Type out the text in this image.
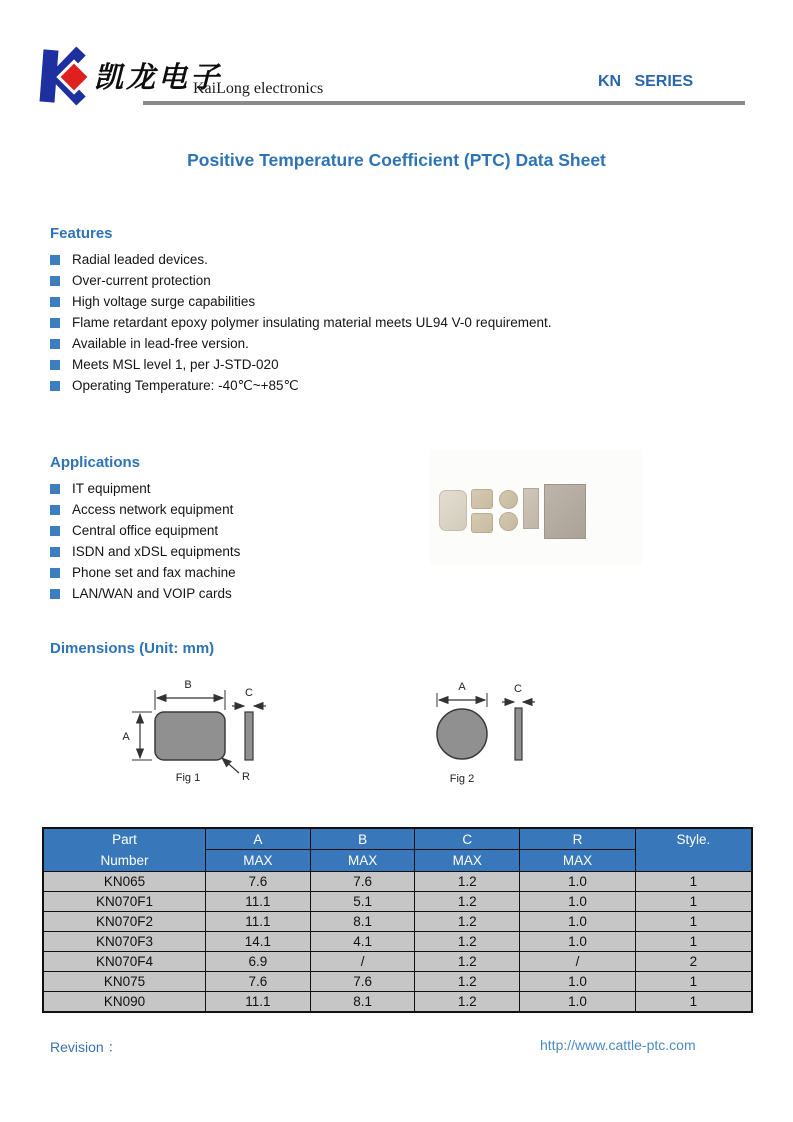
凯龙电子
KaiLong electronics	KN   SERIES
Positive Temperature Coefficient (PTC) Data Sheet
Features
Radial leaded devices.
Over-current protection
High voltage surge capabilities
Flame retardant epoxy polymer insulating material meets UL94 V-0 requirement.
Available in lead-free version.
Meets MSL level 1, per J-STD-020
Operating Temperature: -40℃~+85℃
Applications
IT equipment
Access network equipment
Central office equipment
ISDN and xDSL equipments
Phone set and fax machine
LAN/WAN and VOIP cards
Dimensions (Unit: mm)
B
A
C
R
Fig 1
A	C
Fig 2
Part
Number	A	B	C	R	Style.
	MAX	MAX	MAX	MAX	
KN065	7.6	7.6	1.2	1.0	1
KN070F1	11.1	5.1	1.2	1.0	1
KN070F2	11.1	8.1	1.2	1.0	1
KN070F3	14.1	4.1	1.2	1.0	1
KN070F4	6.9	/	1.2	/	2
KN075	7.6	7.6	1.2	1.0	1
KN090	11.1	8.1	1.2	1.0	1
Revision ：	http://www.cattle-ptc.com
